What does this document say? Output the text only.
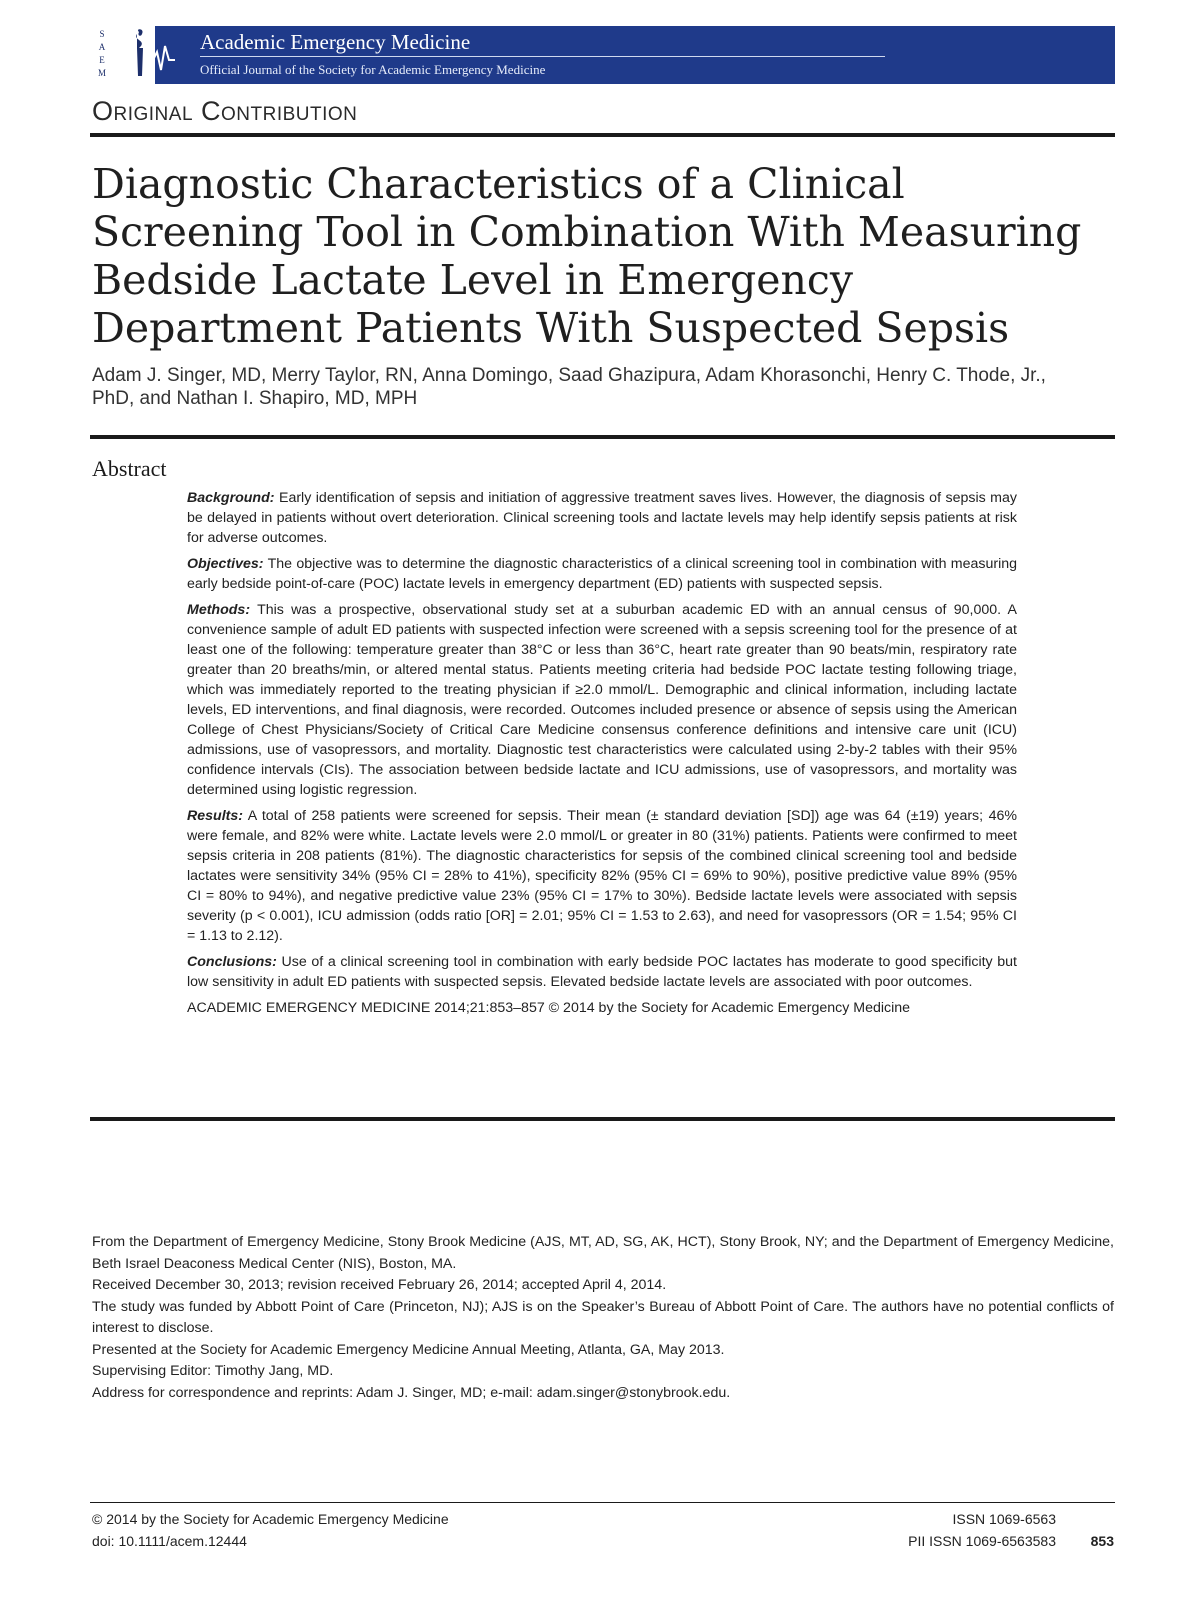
S
A
E
M
Academic Emergency Medicine
Official Journal of the Society for Academic Emergency Medicine
Original Contribution
Diagnostic Characteristics of a Clinical Screening Tool in Combination With Measuring Bedside Lactate Level in Emergency Department Patients With Suspected Sepsis
Adam J. Singer, MD, Merry Taylor, RN, Anna Domingo, Saad Ghazipura, Adam Khorasonchi, Henry C. Thode, Jr., PhD, and Nathan I. Shapiro, MD, MPH
Abstract

Background: Early identification of sepsis and initiation of aggressive treatment saves lives. However, the diagnosis of sepsis may be delayed in patients without overt deterioration. Clinical screening tools and lactate levels may help identify sepsis patients at risk for adverse outcomes.

Objectives: The objective was to determine the diagnostic characteristics of a clinical screening tool in combination with measuring early bedside point-of-care (POC) lactate levels in emergency department (ED) patients with suspected sepsis.

Methods: This was a prospective, observational study set at a suburban academic ED with an annual census of 90,000. A convenience sample of adult ED patients with suspected infection were screened with a sepsis screening tool for the presence of at least one of the following: temperature greater than 38°C or less than 36°C, heart rate greater than 90 beats/min, respiratory rate greater than 20 breaths/min, or altered mental status. Patients meeting criteria had bedside POC lactate testing following triage, which was immediately reported to the treating physician if ≥2.0 mmol/L. Demographic and clinical information, including lactate levels, ED interventions, and final diagnosis, were recorded. Outcomes included presence or absence of sepsis using the American College of Chest Physicians/Society of Critical Care Medicine consensus conference definitions and intensive care unit (ICU) admissions, use of vasopressors, and mortality. Diagnostic test characteristics were calculated using 2-by-2 tables with their 95% confidence intervals (CIs). The association between bedside lactate and ICU admissions, use of vasopressors, and mortality was determined using logistic regression.

Results: A total of 258 patients were screened for sepsis. Their mean (± standard deviation [SD]) age was 64 (±19) years; 46% were female, and 82% were white. Lactate levels were 2.0 mmol/L or greater in 80 (31%) patients. Patients were confirmed to meet sepsis criteria in 208 patients (81%). The diagnostic characteristics for sepsis of the combined clinical screening tool and bedside lactates were sensitivity 34% (95% CI = 28% to 41%), specificity 82% (95% CI = 69% to 90%), positive predictive value 89% (95% CI = 80% to 94%), and negative predictive value 23% (95% CI = 17% to 30%). Bedside lactate levels were associated with sepsis severity (p < 0.001), ICU admission (odds ratio [OR] = 2.01; 95% CI = 1.53 to 2.63), and need for vasopressors (OR = 1.54; 95% CI = 1.13 to 2.12).

Conclusions: Use of a clinical screening tool in combination with early bedside POC lactates has moderate to good specificity but low sensitivity in adult ED patients with suspected sepsis. Elevated bedside lactate levels are associated with poor outcomes.

ACADEMIC EMERGENCY MEDICINE 2014;21:853–857 © 2014 by the Society for Academic Emergency Medicine

From the Department of Emergency Medicine, Stony Brook Medicine (AJS, MT, AD, SG, AK, HCT), Stony Brook, NY; and the Department of Emergency Medicine, Beth Israel Deaconess Medical Center (NIS), Boston, MA.

Received December 30, 2013; revision received February 26, 2014; accepted April 4, 2014.

The study was funded by Abbott Point of Care (Princeton, NJ); AJS is on the Speaker’s Bureau of Abbott Point of Care. The authors have no potential conflicts of interest to disclose.

Presented at the Society for Academic Emergency Medicine Annual Meeting, Atlanta, GA, May 2013.

Supervising Editor: Timothy Jang, MD.

Address for correspondence and reprints: Adam J. Singer, MD; e-mail: adam.singer@stonybrook.edu.

© 2014 by the Society for Academic Emergency Medicine
doi: 10.1111/acem.12444
ISSN 1069-6563
PII ISSN 1069-6563583 853
